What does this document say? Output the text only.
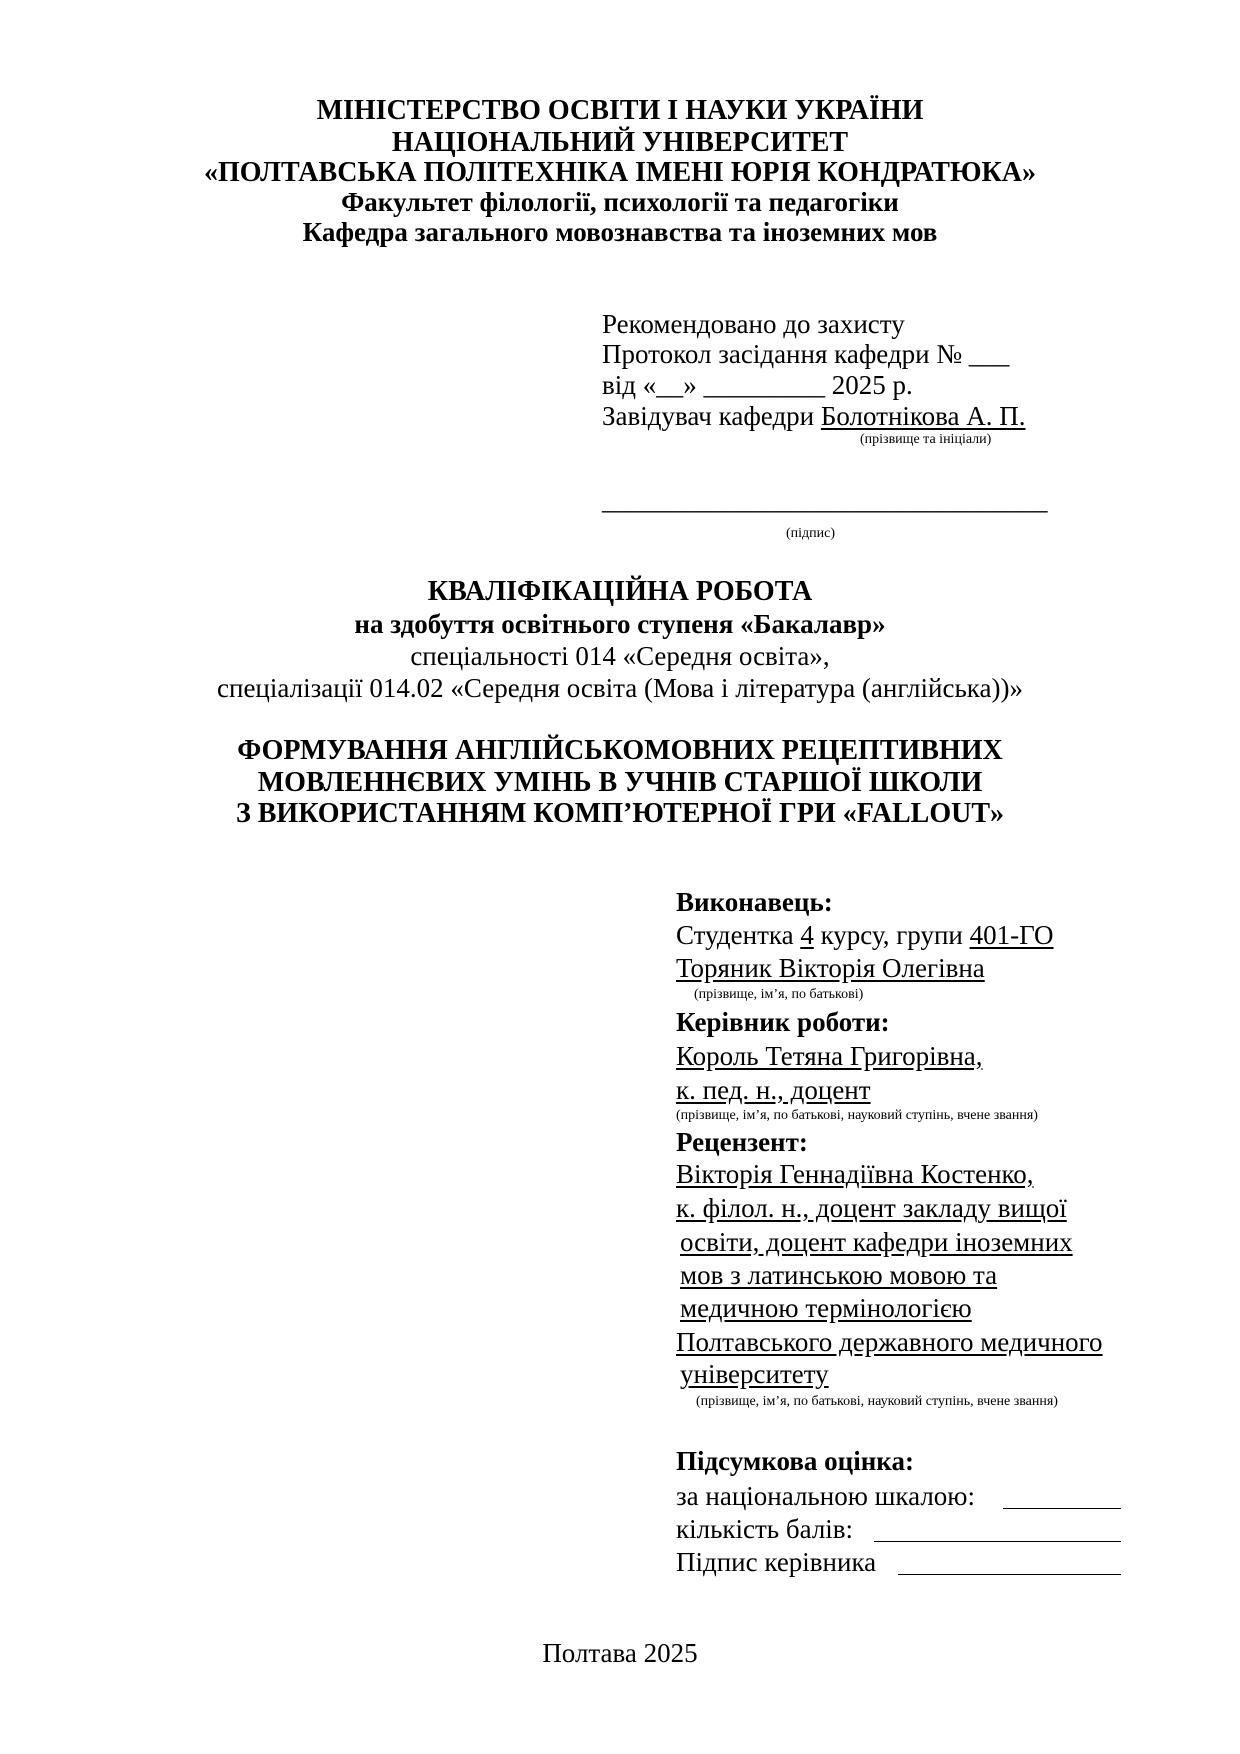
МІНІСТЕРСТВО ОСВІТИ І НАУКИ УКРАЇНИ
НАЦІОНАЛЬНИЙ УНІВЕРСИТЕТ
«ПОЛТАВСЬКА ПОЛІТЕХНІКА ІМЕНІ ЮРІЯ КОНДРАТЮКА»
Факультет філології, психології та педагогіки
Кафедра загального мовознавства та іноземних мов
Рекомендовано до захисту
Протокол засідання кафедри № ___
від «__» _________ 2025 р.
Завідувач кафедри Болотнікова А. П.
(прізвище та ініціали)
_________________________________
(підпис)
КВАЛІФІКАЦІЙНА РОБОТА
на здобуття освітнього ступеня «Бакалавр»
спеціальності 014 «Середня освіта»,
спеціалізації 014.02 «Середня освіта (Мова і література (англійська))»
ФОРМУВАННЯ АНГЛІЙСЬКОМОВНИХ РЕЦЕПТИВНИХ
МОВЛЕННЄВИХ УМІНЬ В УЧНІВ СТАРШОЇ ШКОЛИ
З ВИКОРИСТАННЯМ КОМП’ЮТЕРНОЇ ГРИ «FALLOUT»
Виконавець:
Студентка 4 курсу, групи 401-ГО
Торяник Вікторія Олегівна
(прізвище, ім’я, по батькові)
Керівник роботи:
Король Тетяна Григорівна,
к. пед. н., доцент
(прізвище, ім’я, по батькові, науковий ступінь, вчене звання)
Рецензент:
Вікторія Геннадіївна Костенко,
к. філол. н., доцент закладу вищої
освіти, доцент кафедри іноземних
мов з латинською мовою та
медичною термінологією
Полтавського державного медичного
університету
(прізвище, ім’я, по батькові, науковий ступінь, вчене звання)
Підсумкова оцінка:
за національною шкалою:
кількість балів:
Підпис керівника
Полтава 2025
